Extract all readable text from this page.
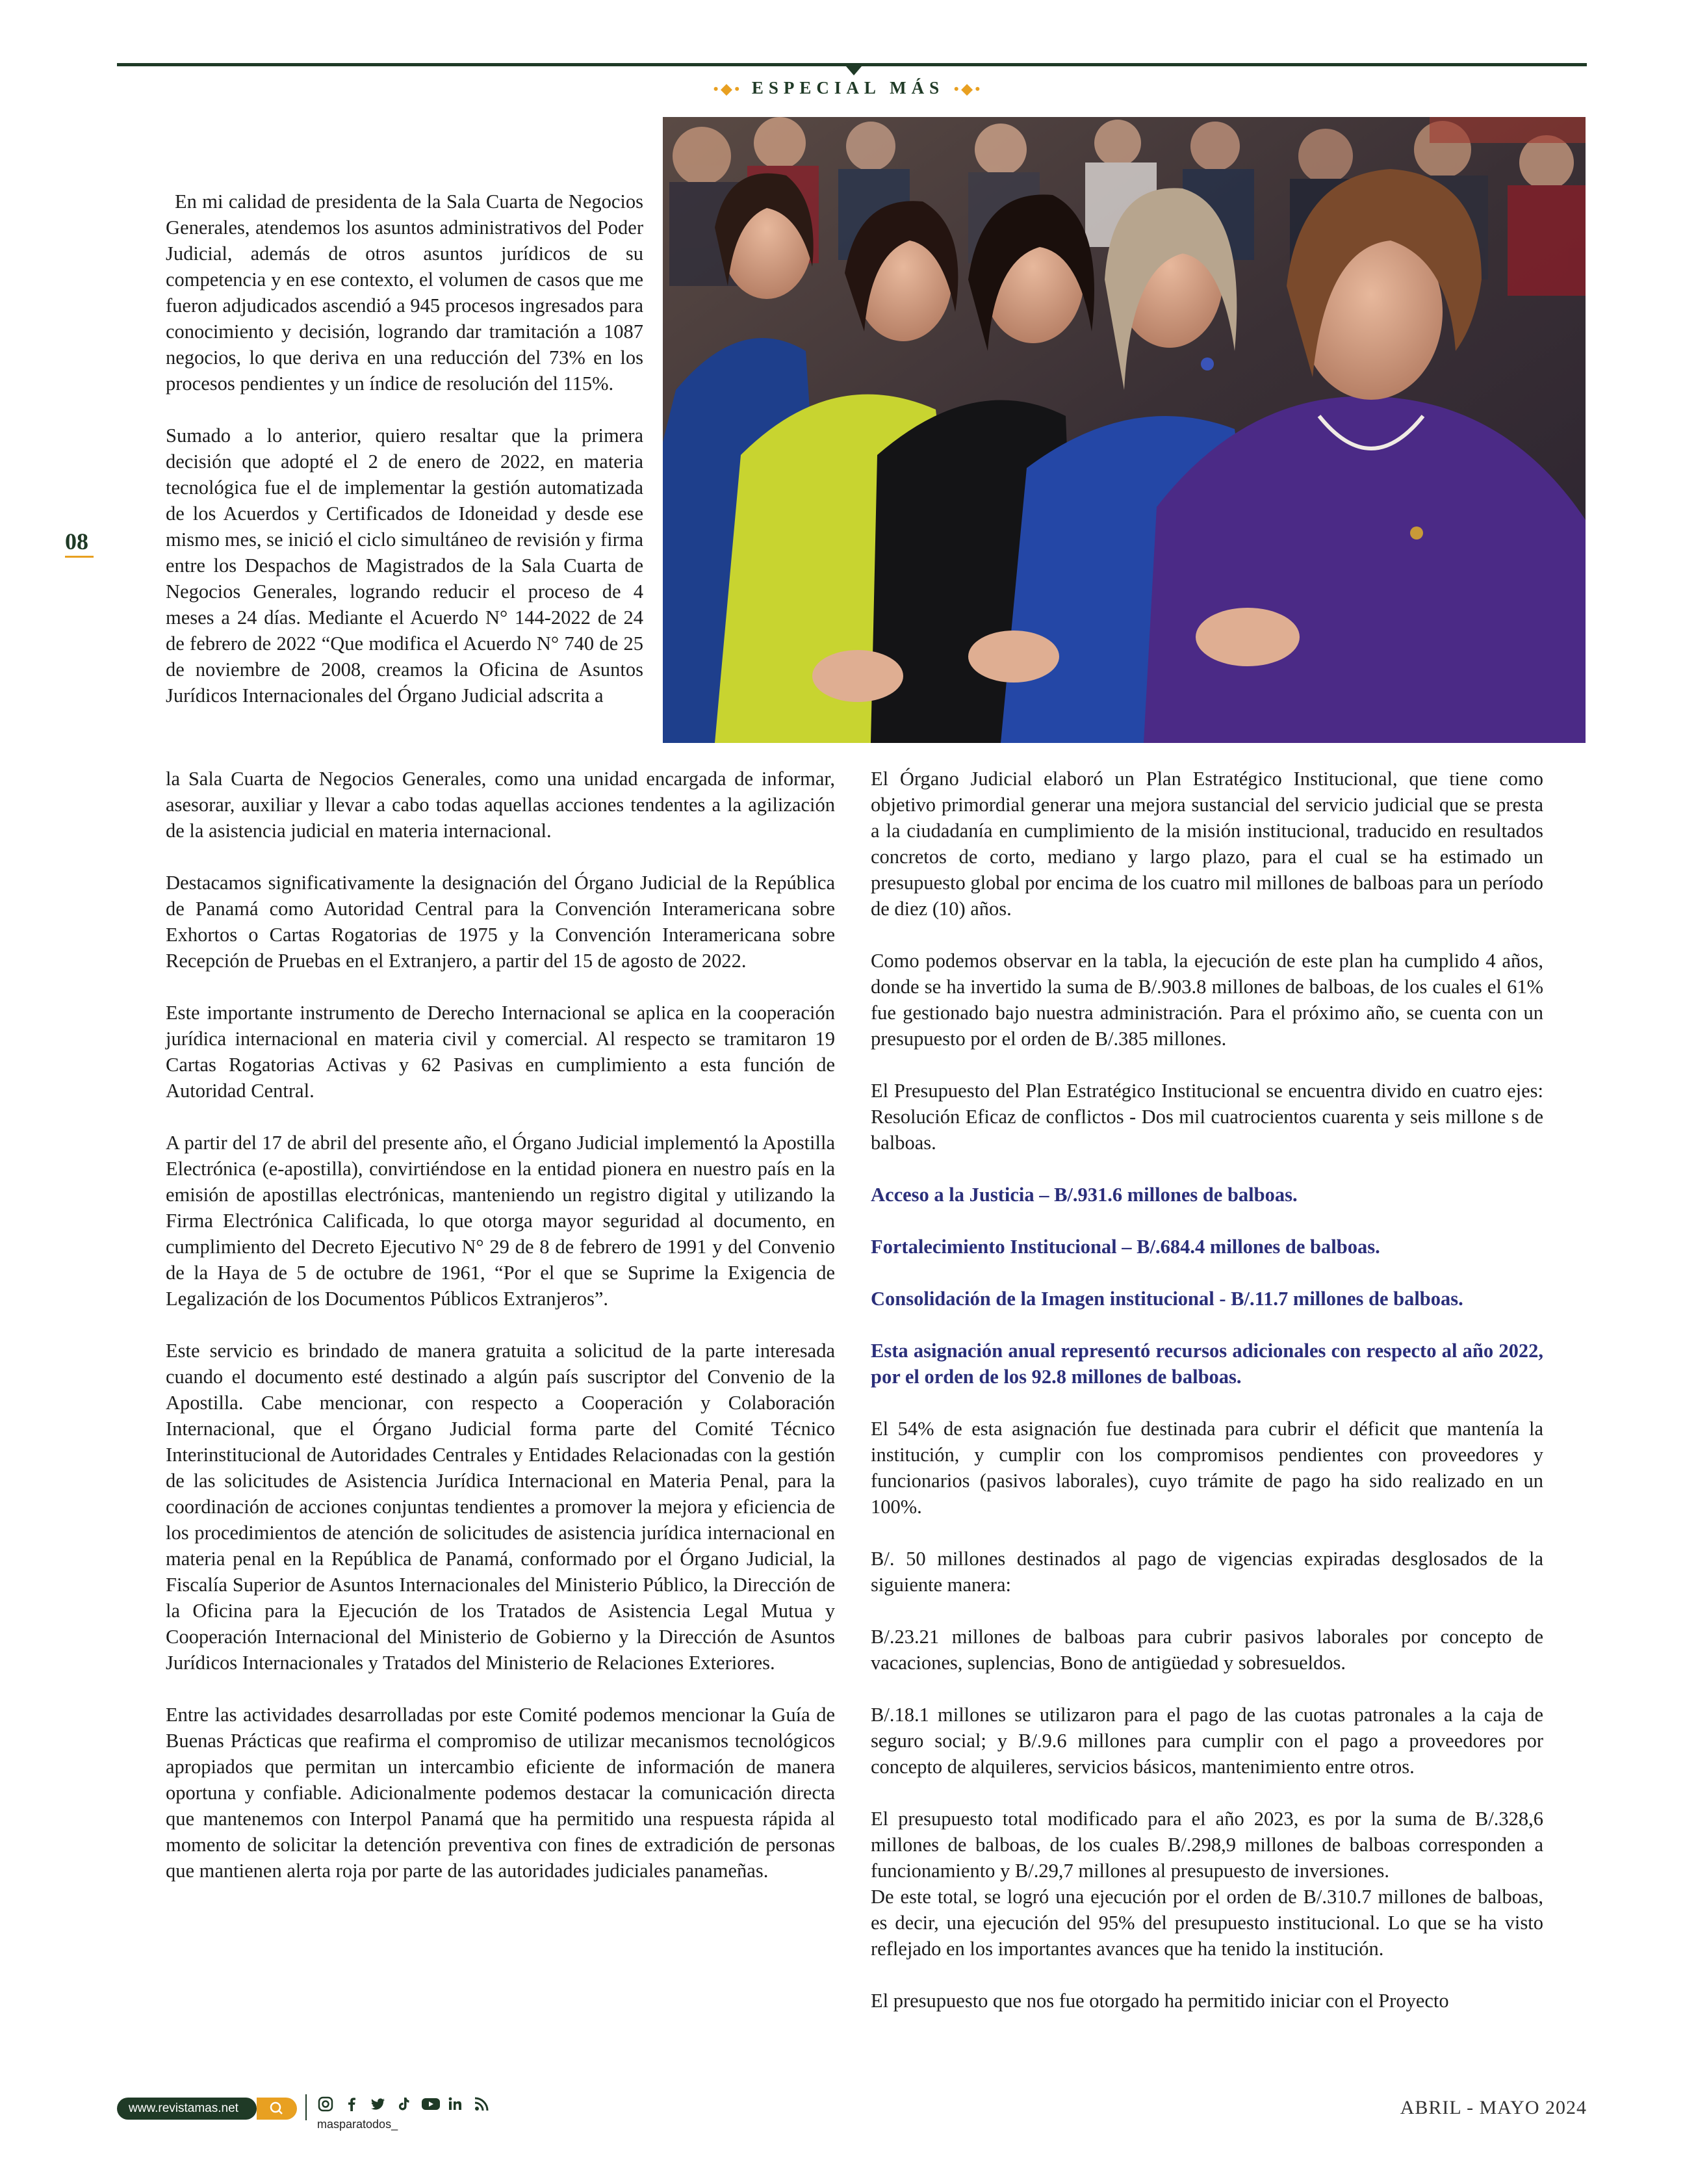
•◆• ESPECIAL MÁS •◆•
08

En mi calidad de presidenta de la Sala Cuarta de Negocios Generales, atendemos los asuntos administrativos del Poder Judicial, además de otros asuntos jurídicos de su competencia y en ese contexto, el volumen de casos que me fueron adjudicados ascendió a 945 procesos ingresados para conocimiento y decisión, logrando dar tramitación a 1087 negocios, lo que deriva en una reducción del 73% en los procesos pendientes y un índice de resolución del 115%.

Sumado a lo anterior, quiero resaltar que la primera decisión que adopté el 2 de enero de 2022, en materia tecnológica fue el de implementar la gestión automatizada de los Acuerdos y Certificados de Idoneidad y desde ese mismo mes, se inició el ciclo simultáneo de revisión y firma entre los Despachos de Magistrados de la Sala Cuarta de Negocios Generales, logrando reducir el proceso de 4 meses a 24 días. Mediante el Acuerdo N° 144-2022 de 24 de febrero de 2022 “Que modifica el Acuerdo N° 740 de 25 de noviembre de 2008, creamos la Oficina de Asuntos Jurídicos Internacionales del Órgano Judicial adscrita a

la Sala Cuarta de Negocios Generales, como una unidad encargada de informar, asesorar, auxiliar y llevar a cabo todas aquellas acciones tendentes a la agilización de la asistencia judicial en materia internacional.

Destacamos significativamente la designación del Órgano Judicial de la República de Panamá como Autoridad Central para la Convención Interamericana sobre Exhortos o Cartas Rogatorias de 1975 y la Convención Interamericana sobre Recepción de Pruebas en el Extranjero, a partir del 15 de agosto de 2022.

Este importante instrumento de Derecho Internacional se aplica en la cooperación jurídica internacional en materia civil y comercial. Al respecto se tramitaron 19 Cartas Rogatorias Activas y 62 Pasivas en cumplimiento a esta función de Autoridad Central.

A partir del 17 de abril del presente año, el Órgano Judicial implementó la Apostilla Electrónica (e-apostilla), convirtiéndose en la entidad pionera en nuestro país en la emisión de apostillas electrónicas, manteniendo un registro digital y utilizando la Firma Electrónica Calificada, lo que otorga mayor seguridad al documento, en cumplimiento del Decreto Ejecutivo N° 29 de 8 de febrero de 1991 y del Convenio de la Haya de 5 de octubre de 1961, “Por el que se Suprime la Exigencia de Legalización de los Documentos Públicos Extranjeros”.

Este servicio es brindado de manera gratuita a solicitud de la parte interesada cuando el documento esté destinado a algún país suscriptor del Convenio de la Apostilla. Cabe mencionar, con respecto a Cooperación y Colaboración Internacional, que el Órgano Judicial forma parte del Comité Técnico Interinstitucional de Autoridades Centrales y Entidades Relacionadas con la gestión de las solicitudes de Asistencia Jurídica Internacional en Materia Penal, para la coordinación de acciones conjuntas tendientes a promover la mejora y eficiencia de los procedimientos de atención de solicitudes de asistencia jurídica internacional en materia penal en la República de Panamá, conformado por el Órgano Judicial, la Fiscalía Superior de Asuntos Internacionales del Ministerio Público, la Dirección de la Oficina para la Ejecución de los Tratados de Asistencia Legal Mutua y Cooperación Internacional del Ministerio de Gobierno y la Dirección de Asuntos Jurídicos Internacionales y Tratados del Ministerio de Relaciones Exteriores.

Entre las actividades desarrolladas por este Comité podemos mencionar la Guía de Buenas Prácticas que reafirma el compromiso de utilizar mecanismos tecnológicos apropiados que permitan un intercambio eficiente de información de manera oportuna y confiable. Adicionalmente podemos destacar la comunicación directa que mantenemos con Interpol Panamá que ha permitido una respuesta rápida al momento de solicitar la detención preventiva con fines de extradición de personas que mantienen alerta roja por parte de las autoridades judiciales panameñas.

El Órgano Judicial elaboró un Plan Estratégico Institucional, que tiene como objetivo primordial generar una mejora sustancial del servicio judicial que se presta a la ciudadanía en cumplimiento de la misión institucional, traducido en resultados concretos de corto, mediano y largo plazo, para el cual se ha estimado un presupuesto global por encima de los cuatro mil millones de balboas para un período de diez (10) años.

Como podemos observar en la tabla, la ejecución de este plan ha cumplido 4 años, donde se ha invertido la suma de B/.903.8 millones de balboas, de los cuales el 61% fue gestionado bajo nuestra administración. Para el próximo año, se cuenta con un presupuesto por el orden de B/.385 millones.

El Presupuesto del Plan Estratégico Institucional se encuentra divido en cuatro ejes: Resolución Eficaz de conflictos - Dos mil cuatrocientos cuarenta y seis millone s de balboas.

Acceso a la Justicia – B/.931.6 millones de balboas.

Fortalecimiento Institucional – B/.684.4 millones de balboas.

Consolidación de la Imagen institucional - B/.11.7 millones de balboas.

Esta asignación anual representó recursos adicionales con respecto al año 2022, por el orden de los 92.8 millones de balboas.

El 54% de esta asignación fue destinada para cubrir el déficit que mantenía la institución, y cumplir con los compromisos pendientes con proveedores y funcionarios (pasivos laborales), cuyo trámite de pago ha sido realizado en un 100%.

B/. 50 millones destinados al pago de vigencias expiradas desglosados de la siguiente manera:

B/.23.21 millones de balboas para cubrir pasivos laborales por concepto de vacaciones, suplencias, Bono de antigüedad y sobresueldos.

B/.18.1 millones se utilizaron para el pago de las cuotas patronales a la caja de seguro social; y B/.9.6 millones para cumplir con el pago a proveedores por concepto de alquileres, servicios básicos, mantenimiento entre otros.

El presupuesto total modificado para el año 2023, es por la suma de B/.328,6 millones de balboas, de los cuales B/.298,9 millones de balboas corresponden a funcionamiento y B/.29,7 millones al presupuesto de inversiones.

De este total, se logró una ejecución por el orden de B/.310.7 millones de balboas, es decir, una ejecución del 95% del presupuesto institucional. Lo que se ha visto reflejado en los importantes avances que ha tenido la institución.

El presupuesto que nos fue otorgado ha permitido iniciar con el Proyecto

www.revistamas.net
masparatodos_
ABRIL - MAYO 2024
